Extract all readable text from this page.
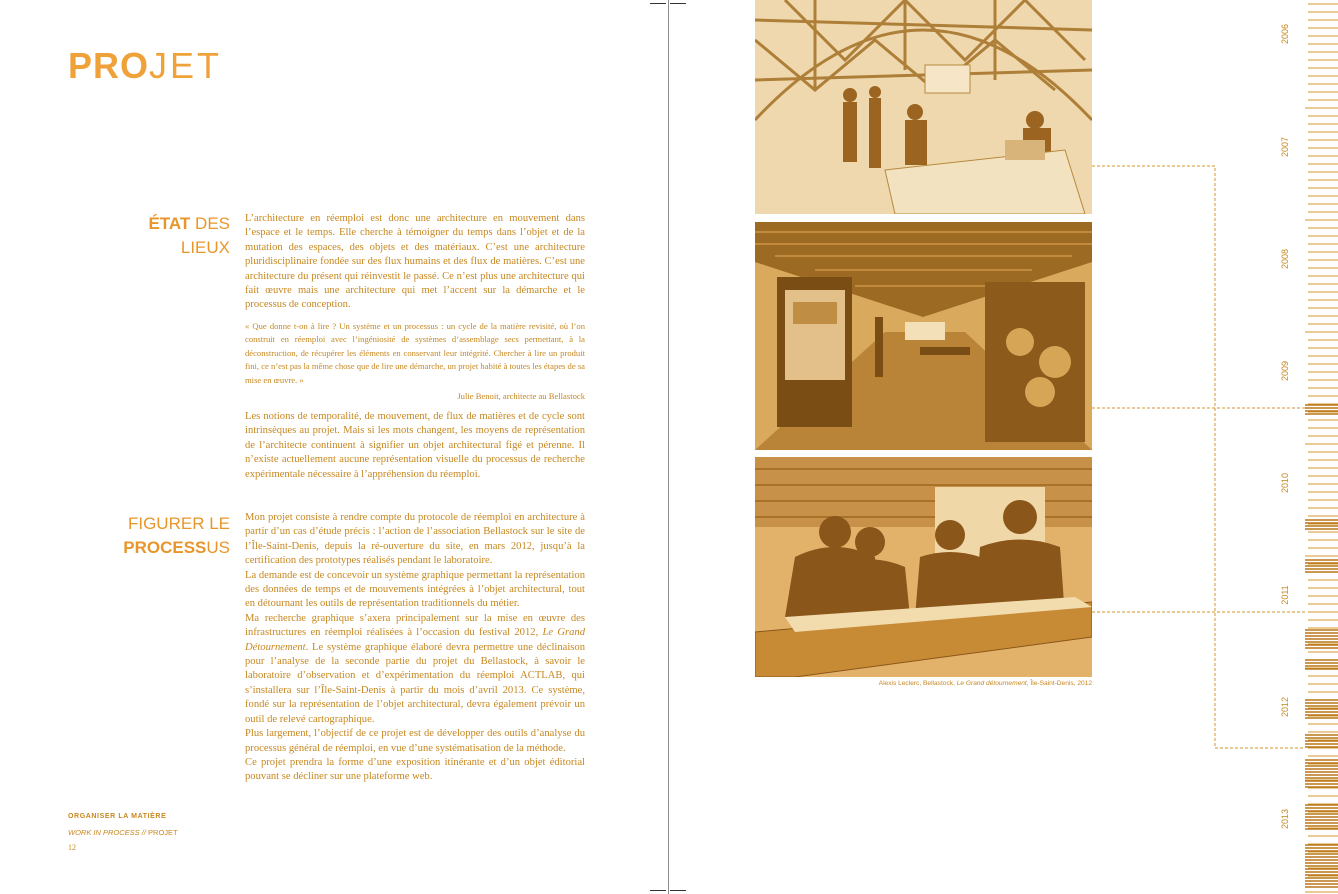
PROJET
ÉTAT DES LIEUX
FIGURER LE
PROCESSUS

L’architecture en réemploi est donc une architecture en mouvement dans l’espace et le temps. Elle cherche à témoigner du temps dans l’objet et de la mutation des espaces, des objets et des matériaux. C’est une architecture pluridisciplinaire fondée sur des flux humains et des flux de matières. C’est une architecture du présent qui réinvestit le passé. Ce n’est plus une architecture qui fait œuvre mais une architecture qui met l’accent sur la démarche et le processus de conception.

« Que donne t-on à lire ? Un système et un processus : un cycle de la matière revisité, où l’on construit en réemploi avec l’ingéniosité de systèmes d’assemblage secs permettant, à la déconstruction, de récupérer les éléments en conservant leur intégrité. Chercher à lire un produit fini, ce n’est pas la même chose que de lire une démarche, un projet habité à toutes les étapes de sa mise en œuvre. »
Julie Benoit, architecte au Bellastock

Les notions de temporalité, de mouvement, de flux de matières et de cycle sont intrinsèques au projet. Mais si les mots changent, les moyens de représentation de l’architecte continuent à signifier un objet architectural figé et pérenne. Il n’existe actuellement aucune représentation visuelle du processus de recherche expérimentale nécessaire à l’appréhension du réemploi.

Mon projet consiste à rendre compte du protocole de réemploi en architecture à partir d’un cas d’étude précis : l’action de l’association Bellastock sur le site de l’Île-Saint-Denis, depuis la ré-ouverture du site, en mars 2012, jusqu’à la certification des prototypes réalisés pendant le laboratoire.

La demande est de concevoir un système graphique permettant la représentation des données de temps et de mouvements intégrées à l’objet architectural, tout en détournant les outils de représentation traditionnels du métier.

Ma recherche graphique s’axera principalement sur la mise en œuvre des infrastructures en réemploi réalisées à l’occasion du festival 2012, Le Grand Détournement. Le système graphique élaboré devra permettre une déclinaison pour l’analyse de la seconde partie du projet du Bellastock, à savoir le laboratoire d’observation et d’expérimentation du réemploi ACTLAB, qui s’installera sur l’Île-Saint-Denis à partir du mois d’avril 2013. Ce système, fondé sur la représentation de l’objet architectural, devra également prévoir un outil de relevé cartographique.

Plus largement, l’objectif de ce projet est de développer des outils d’analyse du processus général de réemploi, en vue d’une systématisation de la méthode.

Ce projet prendra la forme d’une exposition itinérante et d’un objet éditorial pouvant se décliner sur une plateforme web.

ORGANISER LA MATIÈRE
WORK IN PROCESS // PROJET
12
Alexis Leclerc, Bellastock, Le Grand détournement, Île-Saint-Denis, 2012
2006
2007
2008
2009
2010
2011
2012
2013
